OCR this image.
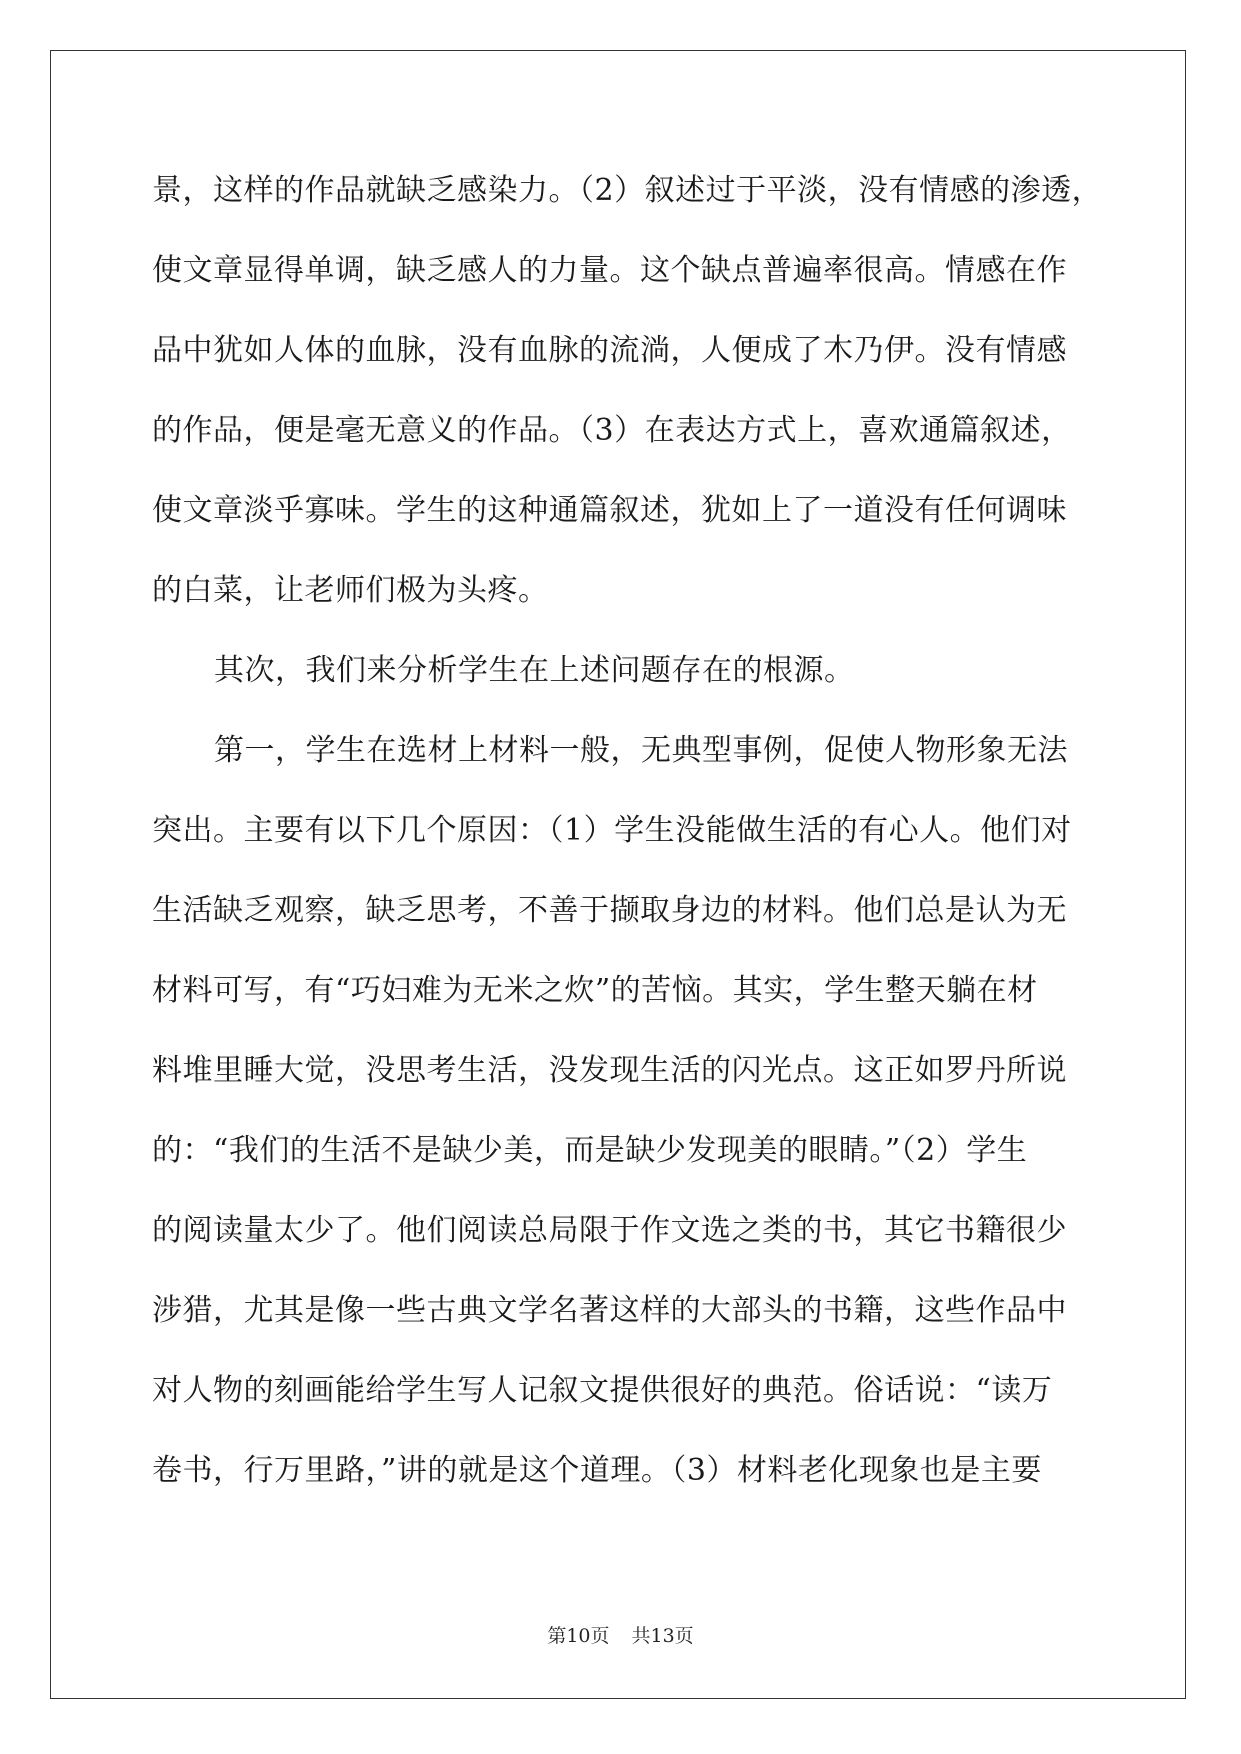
景，这样的作品就缺乏感染力。（2）叙述过于平淡，没有情感的渗透，
使文章显得单调，缺乏感人的力量。这个缺点普遍率很高。情感在作
品中犹如人体的血脉，没有血脉的流淌，人便成了木乃伊。没有情感
的作品，便是毫无意义的作品。（3）在表达方式上，喜欢通篇叙述，
使文章淡乎寡味。学生的这种通篇叙述，犹如上了一道没有任何调味
的白菜，让老师们极为头疼。
其次，我们来分析学生在上述问题存在的根源。
第一，学生在选材上材料一般，无典型事例，促使人物形象无法
突出。主要有以下几个原因：（1）学生没能做生活的有心人。他们对
生活缺乏观察，缺乏思考，不善于撷取身边的材料。他们总是认为无
材料可写，有“巧妇难为无米之炊”的苦恼。其实，学生整天躺在材
料堆里睡大觉，没思考生活，没发现生活的闪光点。这正如罗丹所说
的：“我们的生活不是缺少美，而是缺少发现美的眼睛。”（2）学生
的阅读量太少了。他们阅读总局限于作文选之类的书，其它书籍很少
涉猎，尤其是像一些古典文学名著这样的大部头的书籍，这些作品中
对人物的刻画能给学生写人记叙文提供很好的典范。俗话说：“读万
卷书，行万里路，”讲的就是这个道理。（3）材料老化现象也是主要
第10页 共13页
